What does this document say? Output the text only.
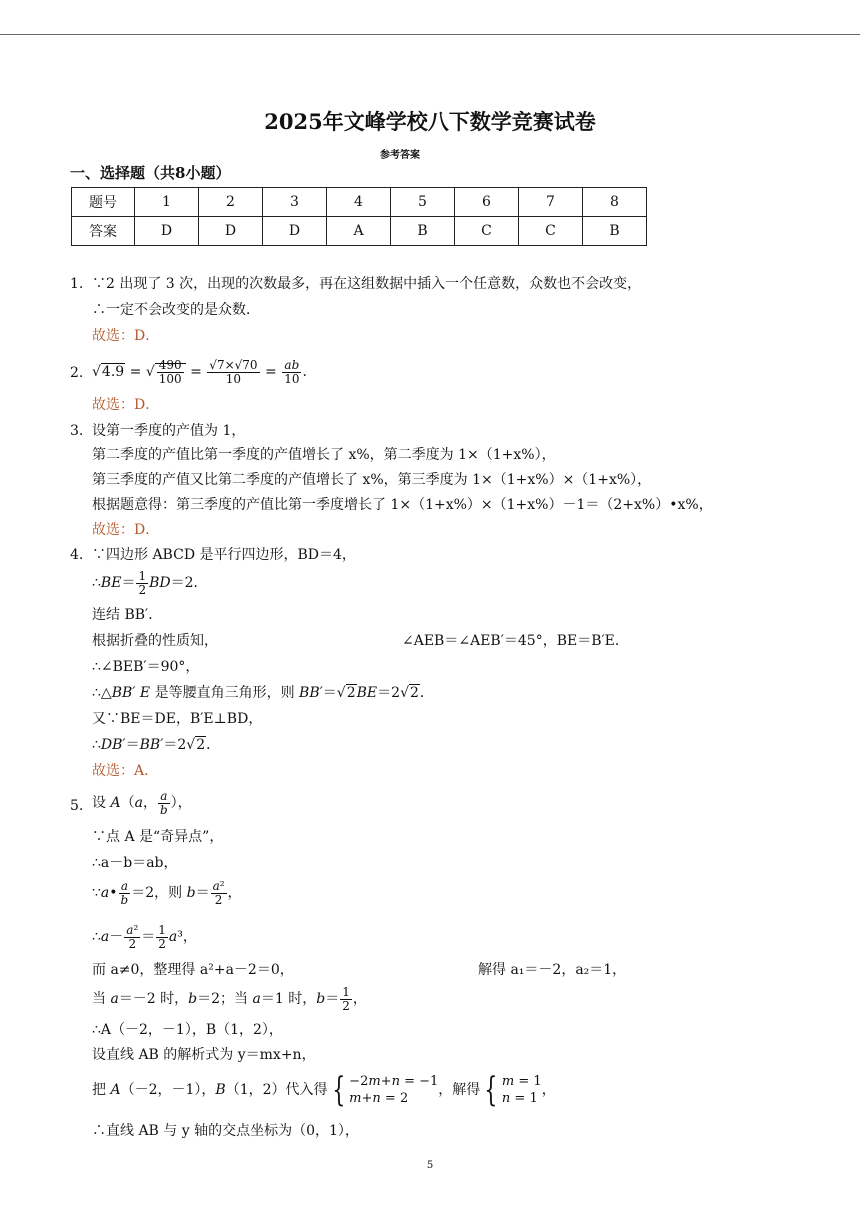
2025年文峰学校八下数学竞赛试卷
参考答案
一、选择题（共8小题）
题号	1	2	3	4	5	6	7	8
答案	D	D	D	A	B	C	C	B
1. ∵2 出现了 3 次，出现的次数最多，再在这组数据中插入一个任意数，众数也不会改变，
∴一定不会改变的是众数．
故选：D．
2. √4.9 = √ $\frac{490}{100} = \frac{√7\times√70}{10} = \frac{ab}{10}$ .
故选：D．
3. 设第一季度的产值为 1，
第二季度的产值比第一季度的产值增长了 x%，第二季度为 1×（1+x%），
第三季度的产值又比第二季度的产值增长了 x%，第三季度为 1×（1+x%）×（1+x%），
根据题意得：第三季度的产值比第一季度增长了 1×（1+x%）×（1+x%）－1＝（2+x%）•x%，
故选：D．
4. ∵四边形 ABCD 是平行四边形，BD＝4，
∴BE＝ $\frac{1}{2} BD=2$．
连结 BB′．
根据折叠的性质知，	∠AEB＝∠AEB′＝45°，BE＝B′E．
∴∠BEB′＝90°，
∴△BB′ E 是等腰直角三角形，则 BB′＝√2BE＝2√2．
又∵BE＝DE，B′E⊥BD，
∴DB′＝BB′＝2√2．
故选：A．
5. 设 A（a， $\frac{a}{b}$ ），
∵点 A 是“奇异点”，
∴a－b＝ab，
∵a• $\frac{a}{b} =2$，则 $b= \frac{\text{a²}}{2}$ ，
∴a－ $\frac{\text{a²}}{2} = \frac{1}{2} a^3$，
而 a≠0，整理得 a²+a－2＝0，	解得 a₁＝－2，a₂＝1，
当 a＝－2 时，b＝2；当 a＝1 时，$b= \frac{1}{2}$ ，
∴A（－2，－1），B（1，2），
设直线 AB 的解析式为 y＝mx+n，
把 A（－2，－1），B（1，2）代入得 { −2m+n = −1
m+n = 2，解得 { m = 1
n = 1，
∴直线 AB 与 y 轴的交点坐标为（0，1），
5
